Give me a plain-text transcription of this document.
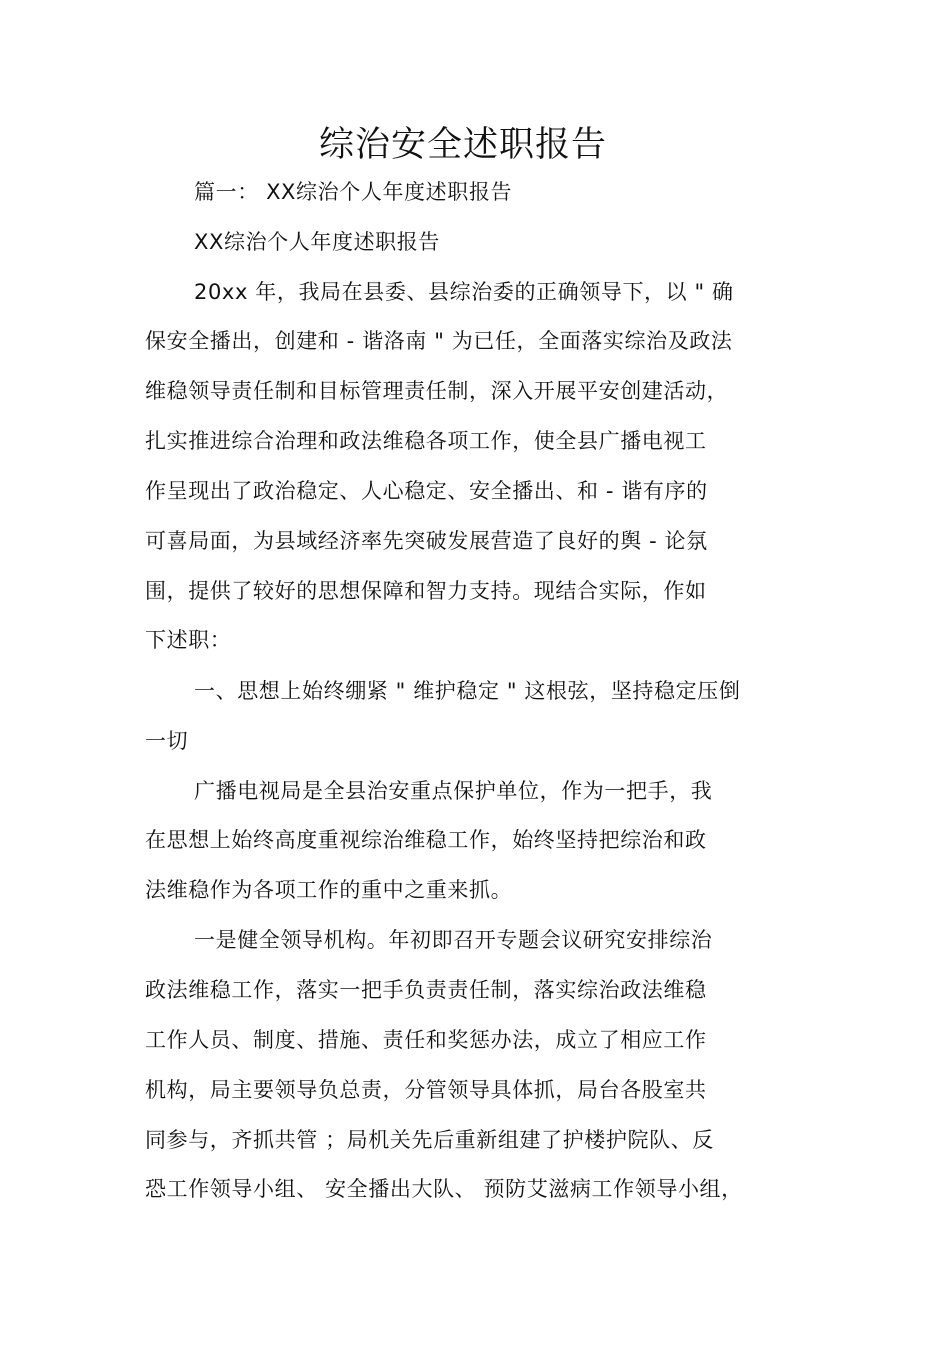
综治安全述职报告
篇一： XX综治个人年度述职报告
XX综治个人年度述职报告
20xx 年，我局在县委、县综治委的正确领导下，以 " 确
保安全播出，创建和 - 谐洛南 " 为已任，全面落实综治及政法
维稳领导责任制和目标管理责任制，深入开展平安创建活动，
扎实推进综合治理和政法维稳各项工作，使全县广播电视工
作呈现出了政治稳定、人心稳定、安全播出、和 - 谐有序的
可喜局面，为县域经济率先突破发展营造了良好的舆 - 论氛
围，提供了较好的思想保障和智力支持。现结合实际，作如
下述职：
一、思想上始终绷紧 " 维护稳定 " 这根弦，坚持稳定压倒
一切
广播电视局是全县治安重点保护单位，作为一把手，我
在思想上始终高度重视综治维稳工作，始终坚持把综治和政
法维稳作为各项工作的重中之重来抓。
一是健全领导机构。年初即召开专题会议研究安排综治
政法维稳工作，落实一把手负责责任制，落实综治政法维稳
工作人员、制度、措施、责任和奖惩办法，成立了相应工作
机构，局主要领导负总责，分管领导具体抓，局台各股室共
同参与，齐抓共管 ；局机关先后重新组建了护楼护院队、反
恐工作领导小组、 安全播出大队、 预防艾滋病工作领导小组，
